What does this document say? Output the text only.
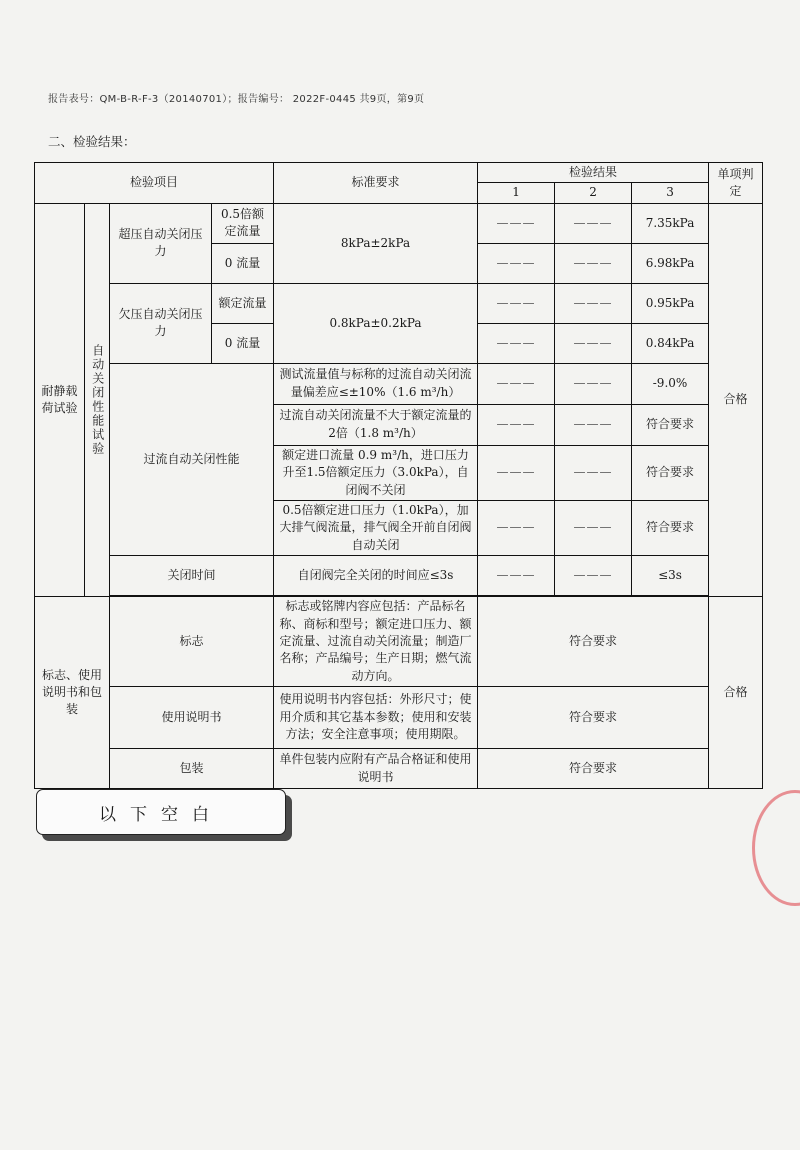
报告表号：QM-B-R-F-3（20140701）；报告编号： 2022F-0445 共9页，第9页
二、检验结果：
检验项目				标准要求	检验结果			单项判定
					1	2	3	
耐静载荷试验	自动关闭性能试验	超压自动关闭压力	0.5倍额定流量	8kPa±2kPa	———	———	7.35kPa	合格
			0 流量		———	———	6.98kPa	
		欠压自动关闭压力	额定流量	0.8kPa±0.2kPa	———	———	0.95kPa	
			0 流量		———	———	0.84kPa	
		过流自动关闭性能		测试流量值与标称的过流自动关闭流量偏差应≤±10%（1.6 m³/h）	———	———	-9.0%	
				过流自动关闭流量不大于额定流量的2倍（1.8 m³/h）	———	———	符合要求	
				额定进口流量 0.9 m³/h，进口压力升至1.5倍额定压力（3.0kPa），自闭阀不关闭	———	———	符合要求	
				0.5倍额定进口压力（1.0kPa），加大排气阀流量，排气阀全开前自闭阀自动关闭	———	———	符合要求	
		关闭时间		自闭阀完全关闭的时间应≤3s	———	———	≤3s	

标志、使用说明书和包装		标志		标志或铭牌内容应包括：产品标名称、商标和型号；额定进口压力、额定流量、过流自动关闭流量；制造厂名称；产品编号；生产日期；燃气流动方向。	符合要求			合格
		使用说明书		使用说明书内容包括：外形尺寸；使用介质和其它基本参数；使用和安装方法；安全注意事项；使用期限。	符合要求			
		包装		单件包装内应附有产品合格证和使用说明书	符合要求			
以下空白
